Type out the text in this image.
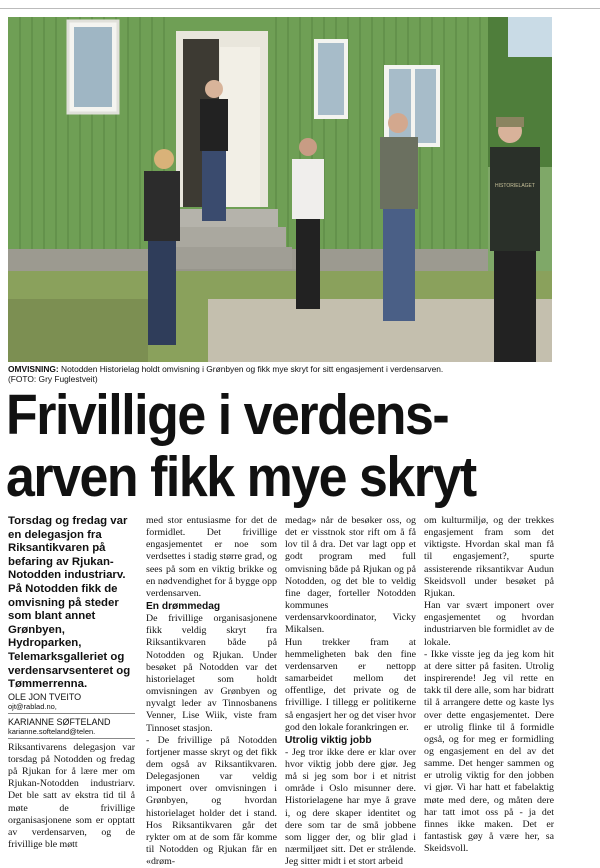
HISTORIELAGET
OMVISNING: Notodden Historielag holdt omvisning i Grønbyen og fikk mye skryt for sitt engasjement i verdensarven.
(FOTO: Gry Fuglestveit)
Frivillige i verdens-
arven fikk mye skryt

Torsdag og fredag var en delegasjon fra Riksantikvaren på befaring av Rjukan-Notodden industriarv. På Notodden fikk de omvisning på steder som blant annet Grønbyen, Hydroparken, Telemarksgalleriet og verdensarvsenteret og Tømmerrenna.

OLE JON TVEITO

ojt@rablad.no,

KARIANNE SØFTELAND

karianne.softeland@telen.

Riksantivarens delegasjon var torsdag på Notodden og fredag på Rjukan for å lære mer om Rjukan-Notodden industriarv. Det ble satt av ekstra tid til å møte de frivillige organisasjonene som er opptatt av verdensarven, og de frivillige ble møtt

med stor entusiasme for det de formidlet. Det frivillige engasjementet er noe som verdsettes i stadig større grad, og sees på som en viktig brikke og en nødvendighet for å bygge opp verdensarven.

En drømmedag

De frivillige organisasjonene fikk veldig skryt fra Riksantikvaren både på Notodden og Rjukan. Under besøket på Notodden var det historielaget som holdt omvisningen av Grønbyen og nyvalgt leder av Tinnosbanens Venner, Lise Wiik, viste fram Tinnoset stasjon.

- De frivillige på Notodden fortjener masse skryt og det fikk dem også av Riksantikvaren. Delegasjonen var veldig imponert over omvisningen i Grønbyen, og hvordan historielaget holder det i stand. Hos Riksantikvaren går det rykter om at de som får komme til Notodden og Rjukan får en «drøm-

medag» når de besøker oss, og det er visstnok stor rift om å få lov til å dra. Det var lagt opp et godt program med full omvisning både på Rjukan og på Notodden, og det ble to veldig fine dager, forteller Notodden kommunes verdensarvkoordinator, Vicky Mikalsen.

Hun trekker fram at hemmeligheten bak den fine verdensarven er nettopp samarbeidet mellom det offentlige, det private og de frivillige. I tillegg er politikerne så engasjert her og det viser hvor god den lokale forankringen er.

Utrolig viktig jobb

- Jeg tror ikke dere er klar over hvor viktig jobb dere gjør. Jeg må si jeg som bor i et nitrist område i Oslo misunner dere. Historielagene har mye å grave i, og dere skaper identitet og dere som tar de små jobbene som ligger der, og blir glad i nærmiljøet sitt. Det er strålende. Jeg sitter midt i et stort arbeid

om kulturmiljø, og der trekkes engasjement fram som det viktigste. Hvordan skal man få til engasjement?, spurte assisterende riksantikvar Audun Skeidsvoll under besøket på Rjukan.

Han var svært imponert over engasjementet og hvordan industriarven ble formidlet av de lokale.

- Ikke visste jeg da jeg kom hit at dere sitter på fasiten. Utrolig inspirerende! Jeg vil rette en takk til dere alle, som har bidratt til å arrangere dette og kaste lys over dette engasjementet. Dere er utrolig flinke til å formidle også, og for meg er formidling og engasjement en del av det samme. Det henger sammen og er utrolig viktig for den jobben vi gjør. Vi har hatt et fabelaktig møte med dere, og måten dere har tatt imot oss på - ja det finnes ikke maken. Det er fantastisk gøy å være her, sa Skeidsvoll.
